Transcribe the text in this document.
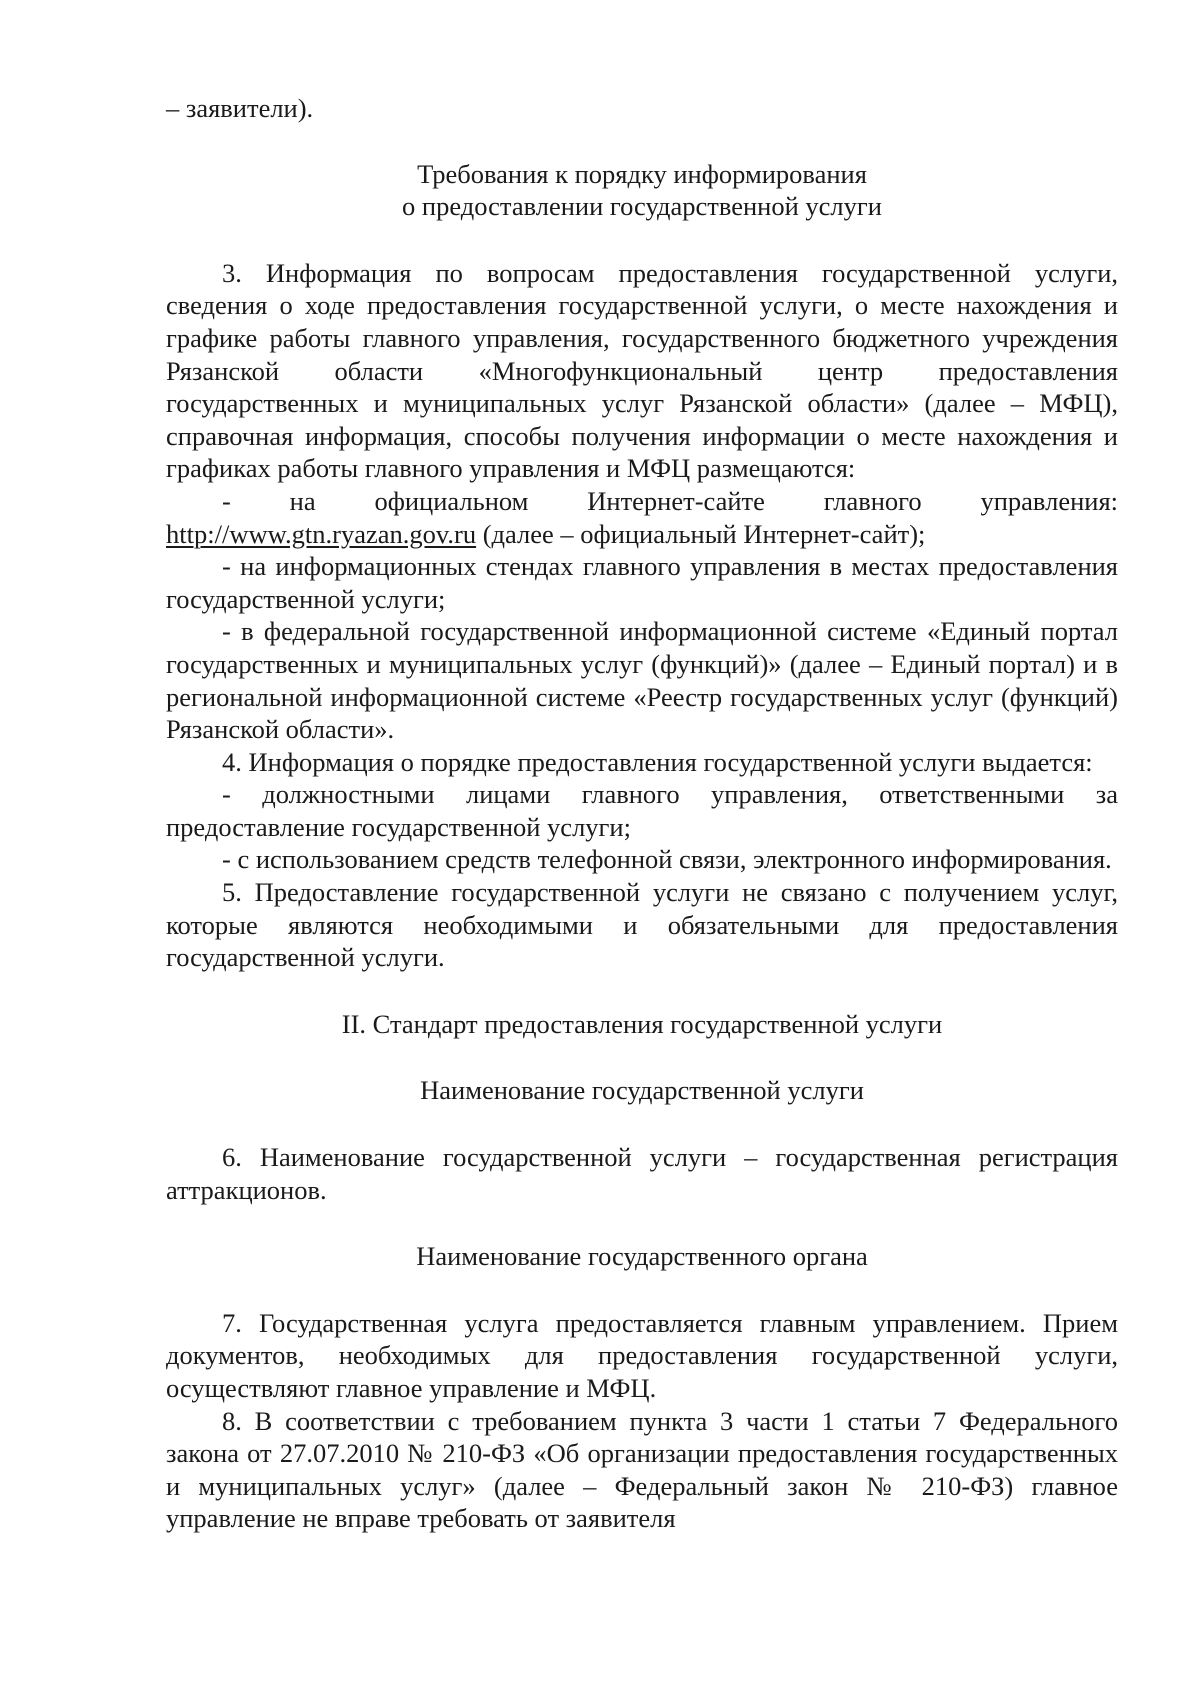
– заявители).

Требования к порядку информирования

о предоставлении государственной услуги

3. Информация по вопросам предоставления государственной услуги, сведения о ходе предоставления государственной услуги, о месте нахождения и графике работы главного управления, государственного бюджетного учреждения Рязанской области «Многофункциональный центр предоставления государственных и муниципальных услуг Рязанской области» (далее – МФЦ), справочная информация, способы получения информации о месте нахождения и графиках работы главного управления и МФЦ размещаются:

- на официальном Интернет-сайте главного управления: http://www.gtn.ryazan.gov.ru (далее – официальный Интернет-сайт);

- на информационных стендах главного управления в местах предоставления государственной услуги;

- в федеральной государственной информационной системе «Единый портал государственных и муниципальных услуг (функций)» (далее – Единый портал) и в региональной информационной системе «Реестр государственных услуг (функций) Рязанской области».

4. Информация о порядке предоставления государственной услуги выдается:

- должностными лицами главного управления, ответственными за предоставление государственной услуги;

- с использованием средств телефонной связи, электронного информирования.

5. Предоставление государственной услуги не связано с получением услуг, которые являются необходимыми и обязательными для предоставления государственной услуги.

II. Стандарт предоставления государственной услуги

Наименование государственной услуги

6. Наименование государственной услуги – государственная регистрация аттракционов.

Наименование государственного органа

7. Государственная услуга предоставляется главным управлением. Прием документов, необходимых для предоставления государственной услуги, осуществляют главное управление и МФЦ.

8. В соответствии с требованием пункта 3 части 1 статьи 7 Федерального закона от 27.07.2010 № 210-ФЗ «Об организации предоставления государственных и муниципальных услуг» (далее – Федеральный закон № 210-ФЗ) главное управление не вправе требовать от заявителя
